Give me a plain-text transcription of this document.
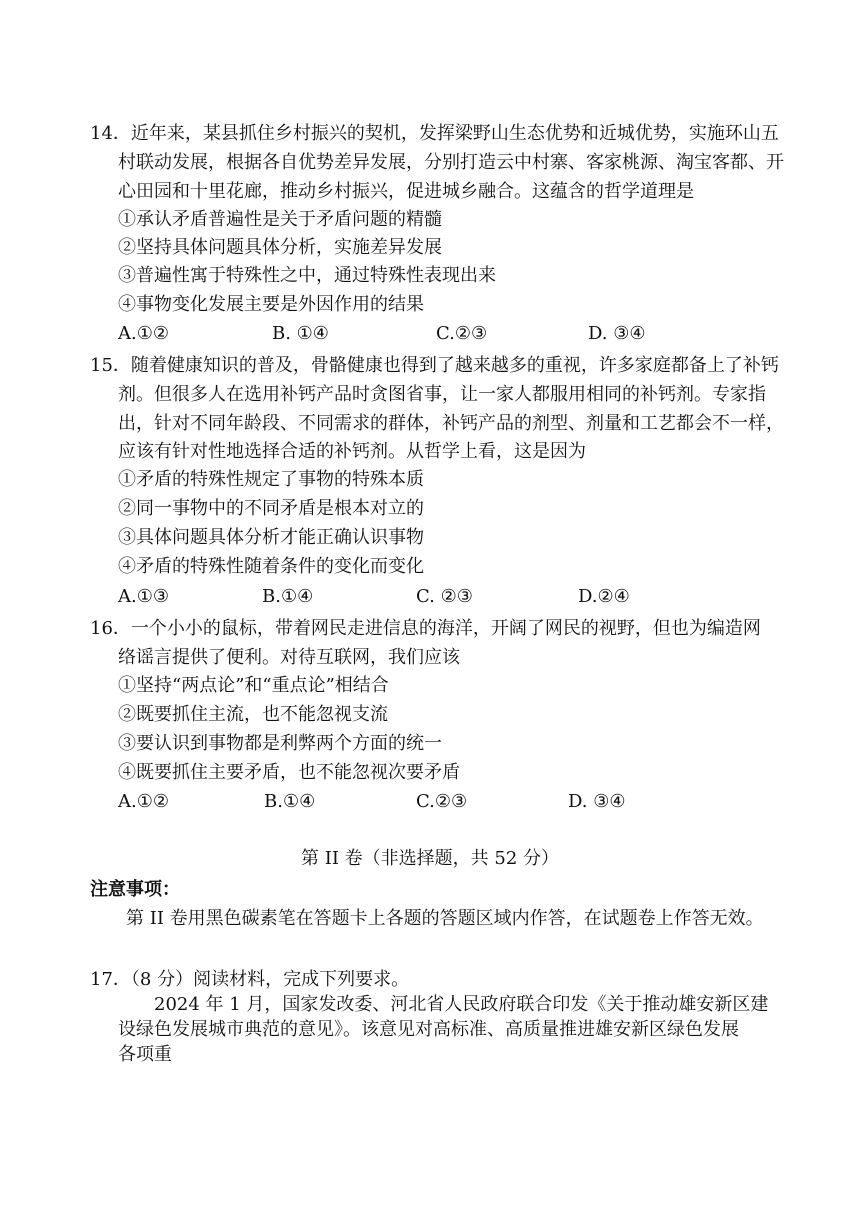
14．近年来，某县抓住乡村振兴的契机，发挥梁野山生态优势和近城优势，实施环山五
村联动发展，根据各自优势差异发展，分别打造云中村寨、客家桃源、淘宝客都、开
心田园和十里花廊，推动乡村振兴，促进城乡融合。这蕴含的哲学道理是
①承认矛盾普遍性是关于矛盾问题的精髓
②坚持具体问题具体分析，实施差异发展
③普遍性寓于特殊性之中，通过特殊性表现出来
④事物变化发展主要是外因作用的结果
A.①②	B. ①④	C.②③	D. ③④
15．随着健康知识的普及，骨骼健康也得到了越来越多的重视，许多家庭都备上了补钙
剂。但很多人在选用补钙产品时贪图省事，让一家人都服用相同的补钙剂。专家指
出，针对不同年龄段、不同需求的群体，补钙产品的剂型、剂量和工艺都会不一样，
应该有针对性地选择合适的补钙剂。从哲学上看，这是因为
①矛盾的特殊性规定了事物的特殊本质
②同一事物中的不同矛盾是根本对立的
③具体问题具体分析才能正确认识事物
④矛盾的特殊性随着条件的变化而变化
A.①③	B.①④	C. ②③	D.②④
16．一个小小的鼠标，带着网民走进信息的海洋，开阔了网民的视野，但也为编造网
络谣言提供了便利。对待互联网，我们应该
①坚持“两点论”和“重点论”相结合
②既要抓住主流，也不能忽视支流
③要认识到事物都是利弊两个方面的统一
④既要抓住主要矛盾，也不能忽视次要矛盾
A.①②	B.①④	C.②③	D. ③④
第 II 卷（非选择题，共 52 分）
注意事项：
第 II 卷用黑色碳素笔在答题卡上各题的答题区域内作答，在试题卷上作答无效。
17．（8 分）阅读材料，完成下列要求。
2024 年 1 月，国家发改委、河北省人民政府联合印发《关于推动雄安新区建
设绿色发展城市典范的意见》。该意见对高标准、高质量推进雄安新区绿色发展
各项重
